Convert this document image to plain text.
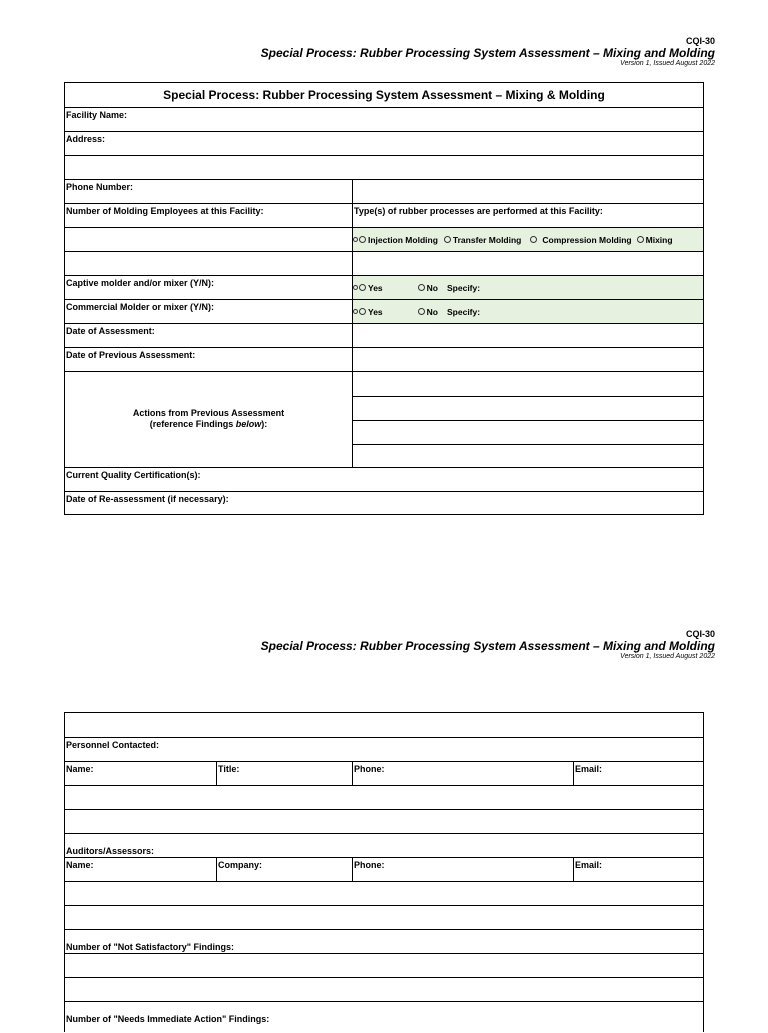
CQI-30
Special Process: Rubber Processing System Assessment – Mixing and Molding
Version 1, Issued August 2022
Special Process: Rubber Processing System Assessment – Mixing & Molding
Facility Name:
Address:
Phone Number:
Number of Molding Employees at this Facility:	Type(s) of rubber processes are performed at this Facility:
Injection Molding Transfer Molding Compression Molding Mixing
Captive molder and/or mixer (Y/N):	Yes	No Specify:
Commercial Molder or mixer (Y/N):	Yes	No Specify:
Date of Assessment:
Date of Previous Assessment:
Actions from Previous Assessment
(reference Findings below):
Current Quality Certification(s):
Date of Re-assessment (if necessary):
CQI-30
Special Process: Rubber Processing System Assessment – Mixing and Molding
Version 1, Issued August 2022
Personnel Contacted:
Name:	Title:	Phone:	Email:
Auditors/Assessors:
Name:	Company:	Phone:	Email:
Number of "Not Satisfactory" Findings:
Number of "Needs Immediate Action" Findings:
